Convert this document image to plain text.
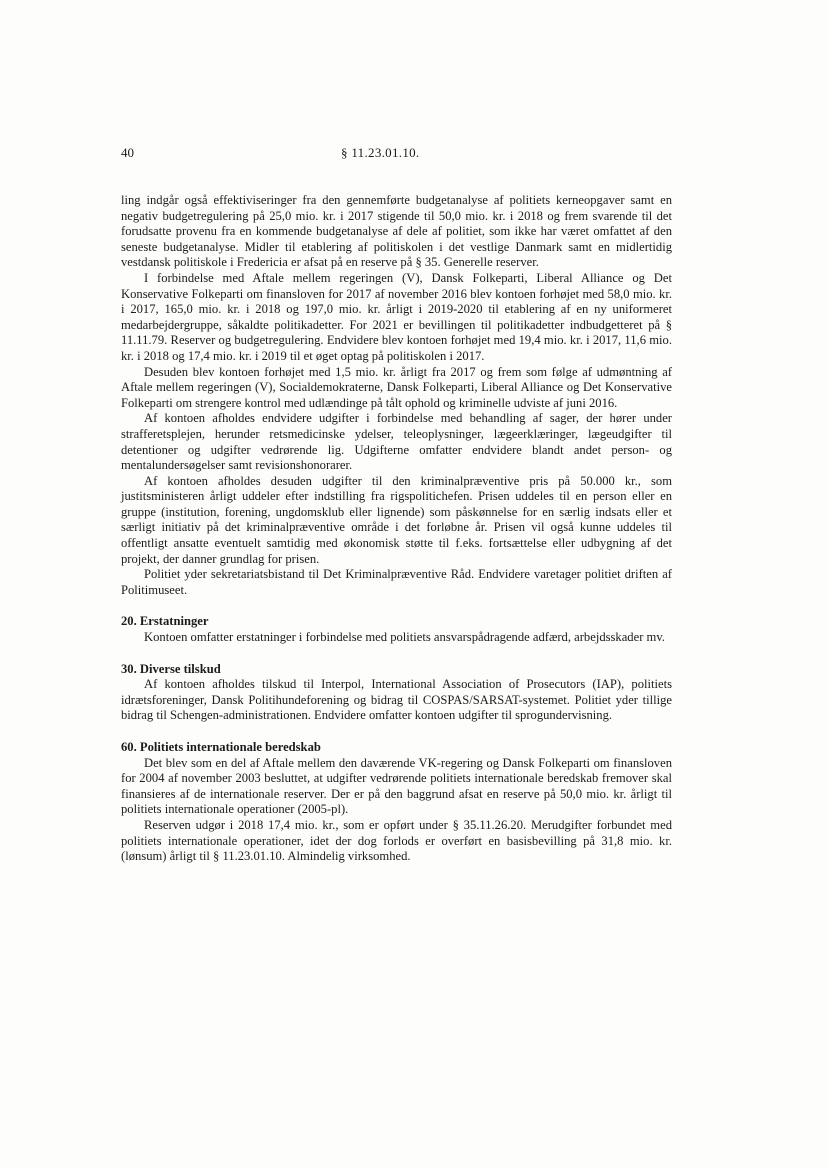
40	§ 11.23.01.10.

ling indgår også effektiviseringer fra den gennemførte budgetanalyse af politiets kerneopgaver samt en negativ budgetregulering på 25,0 mio. kr. i 2017 stigende til 50,0 mio. kr. i 2018 og frem svarende til det forudsatte provenu fra en kommende budgetanalyse af dele af politiet, som ikke har været omfattet af den seneste budgetanalyse. Midler til etablering af politiskolen i det vestlige Danmark samt en midlertidig vestdansk politiskole i Fredericia er afsat på en reserve på § 35. Generelle reserver.

I forbindelse med Aftale mellem regeringen (V), Dansk Folkeparti, Liberal Alliance og Det Konservative Folkeparti om finansloven for 2017 af november 2016 blev kontoen forhøjet med 58,0 mio. kr. i 2017, 165,0 mio. kr. i 2018 og 197,0 mio. kr. årligt i 2019-2020 til etablering af en ny uniformeret medarbejdergruppe, såkaldte politikadetter. For 2021 er bevillingen til politikadetter indbudgetteret på § 11.11.79. Reserver og budgetregulering. Endvidere blev kontoen forhøjet med 19,4 mio. kr. i 2017, 11,6 mio. kr. i 2018 og 17,4 mio. kr. i 2019 til et øget optag på politiskolen i 2017.

Desuden blev kontoen forhøjet med 1,5 mio. kr. årligt fra 2017 og frem som følge af udmøntning af Aftale mellem regeringen (V), Socialdemokraterne, Dansk Folkeparti, Liberal Alliance og Det Konservative Folkeparti om strengere kontrol med udlændinge på tålt ophold og kriminelle udviste af juni 2016.

Af kontoen afholdes endvidere udgifter i forbindelse med behandling af sager, der hører under strafferetsplejen, herunder retsmedicinske ydelser, teleoplysninger, lægeerklæringer, lægeudgifter til detentioner og udgifter vedrørende lig. Udgifterne omfatter endvidere blandt andet person- og mentalundersøgelser samt revisionshonorarer.

Af kontoen afholdes desuden udgifter til den kriminalpræventive pris på 50.000 kr., som justitsministeren årligt uddeler efter indstilling fra rigspolitichefen. Prisen uddeles til en person eller en gruppe (institution, forening, ungdomsklub eller lignende) som påskønnelse for en særlig indsats eller et særligt initiativ på det kriminalpræventive område i det forløbne år. Prisen vil også kunne uddeles til offentligt ansatte eventuelt samtidig med økonomisk støtte til f.eks. fortsættelse eller udbygning af det projekt, der danner grundlag for prisen.

Politiet yder sekretariatsbistand til Det Kriminalpræventive Råd. Endvidere varetager politiet driften af Politimuseet.

20. Erstatninger

Kontoen omfatter erstatninger i forbindelse med politiets ansvarspådragende adfærd, arbejdsskader mv.

30. Diverse tilskud

Af kontoen afholdes tilskud til Interpol, International Association of Prosecutors (IAP), politiets idrætsforeninger, Dansk Politihundeforening og bidrag til COSPAS/SARSAT-systemet. Politiet yder tillige bidrag til Schengen-administrationen. Endvidere omfatter kontoen udgifter til sprogundervisning.

60. Politiets internationale beredskab

Det blev som en del af Aftale mellem den daværende VK-regering og Dansk Folkeparti om finansloven for 2004 af november 2003 besluttet, at udgifter vedrørende politiets internationale beredskab fremover skal finansieres af de internationale reserver. Der er på den baggrund afsat en reserve på 50,0 mio. kr. årligt til politiets internationale operationer (2005-pl).

Reserven udgør i 2018 17,4 mio. kr., som er opført under § 35.11.26.20. Merudgifter forbundet med politiets internationale operationer, idet der dog forlods er overført en basisbevilling på 31,8 mio. kr. (lønsum) årligt til § 11.23.01.10. Almindelig virksomhed.
